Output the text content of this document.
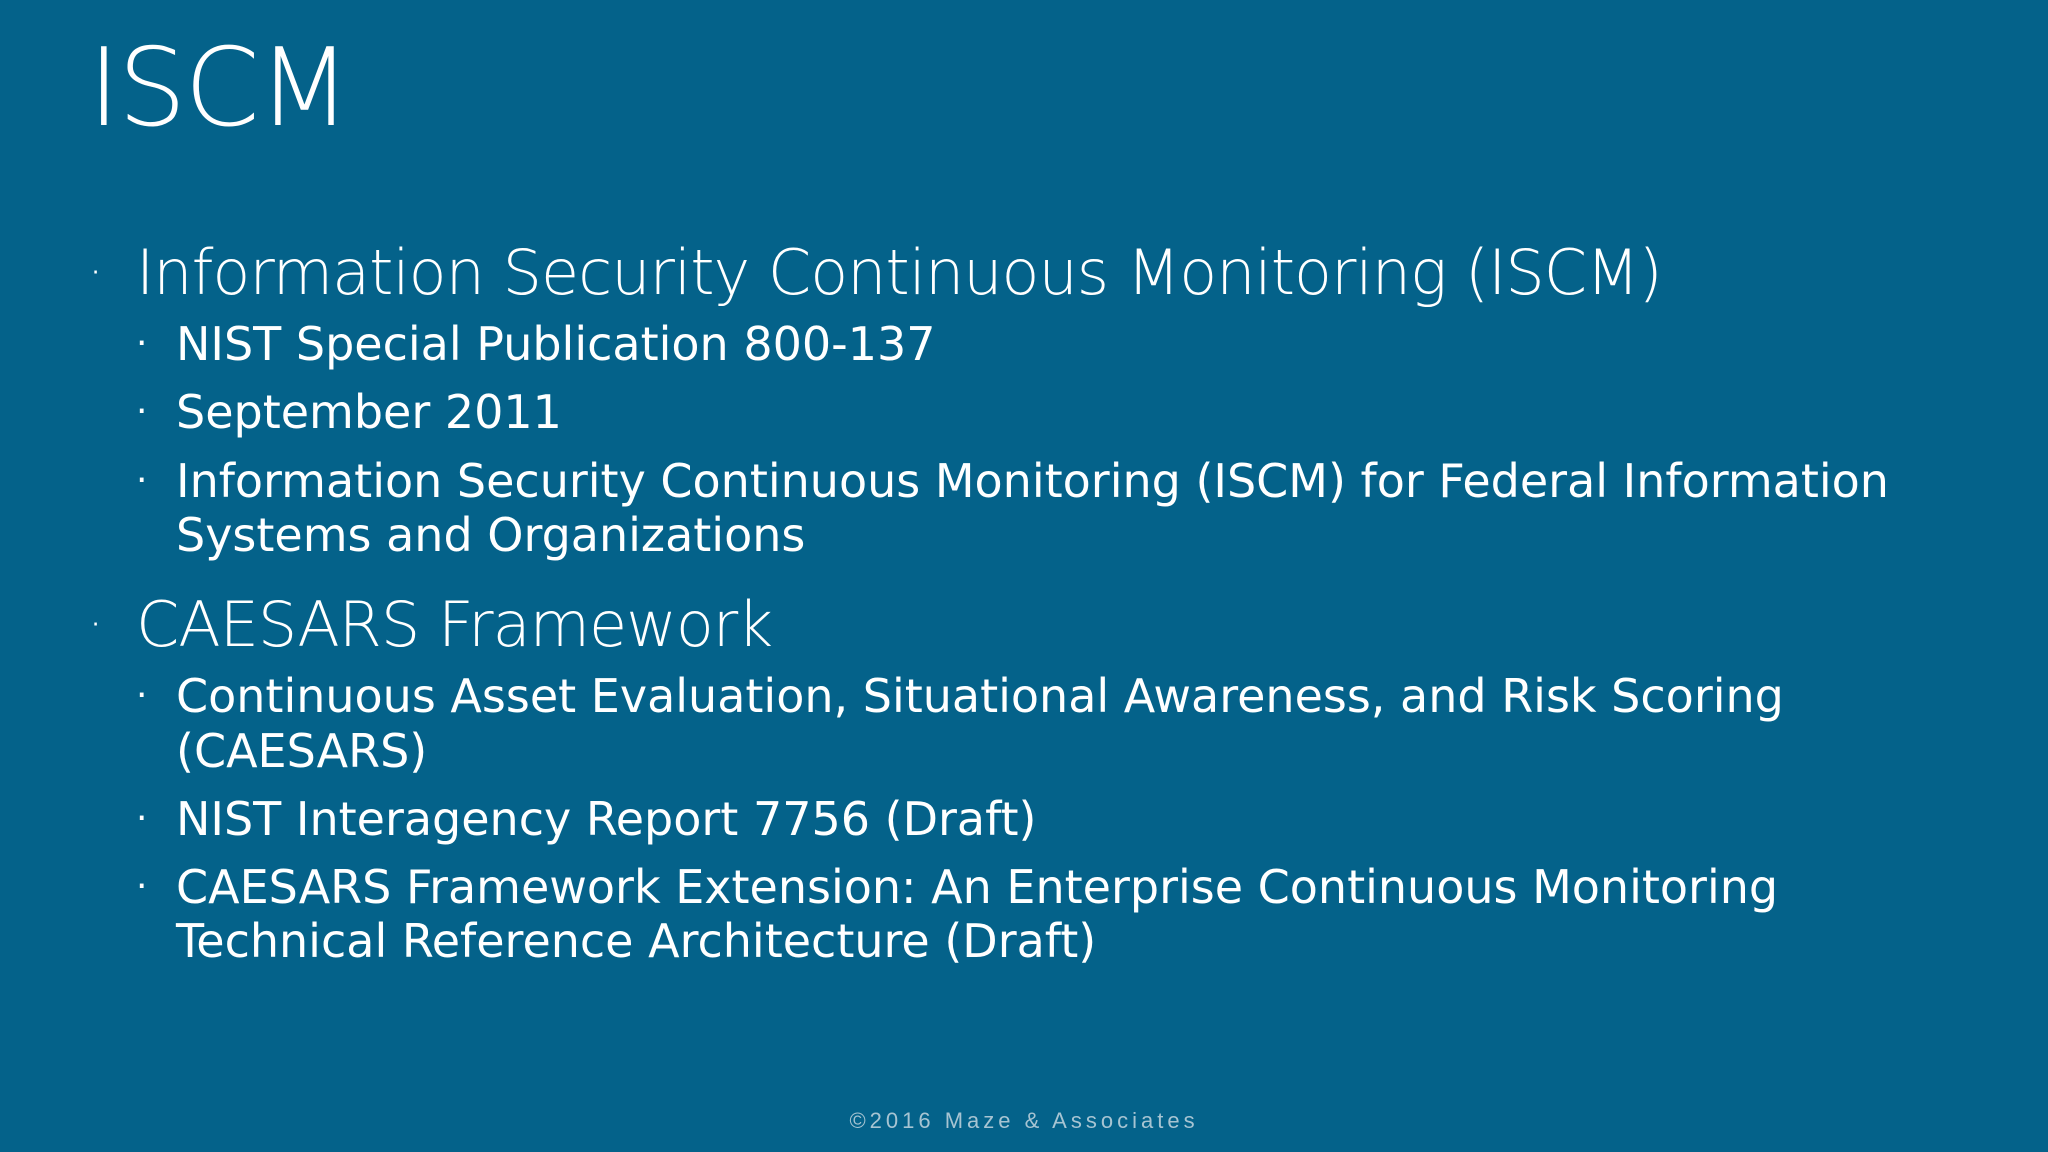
ISCM
· Information Security Continuous Monitoring (ISCM)
· NIST Special Publication 800-137
· September 2011
· Information Security Continuous Monitoring (ISCM) for Federal Information
Systems and Organizations
· CAESARS Framework
· Continuous Asset Evaluation, Situational Awareness, and Risk Scoring
(CAESARS)
· NIST Interagency Report 7756 (Draft)
· CAESARS Framework Extension: An Enterprise Continuous Monitoring
Technical Reference Architecture (Draft)
©2016 Maze & Associates
